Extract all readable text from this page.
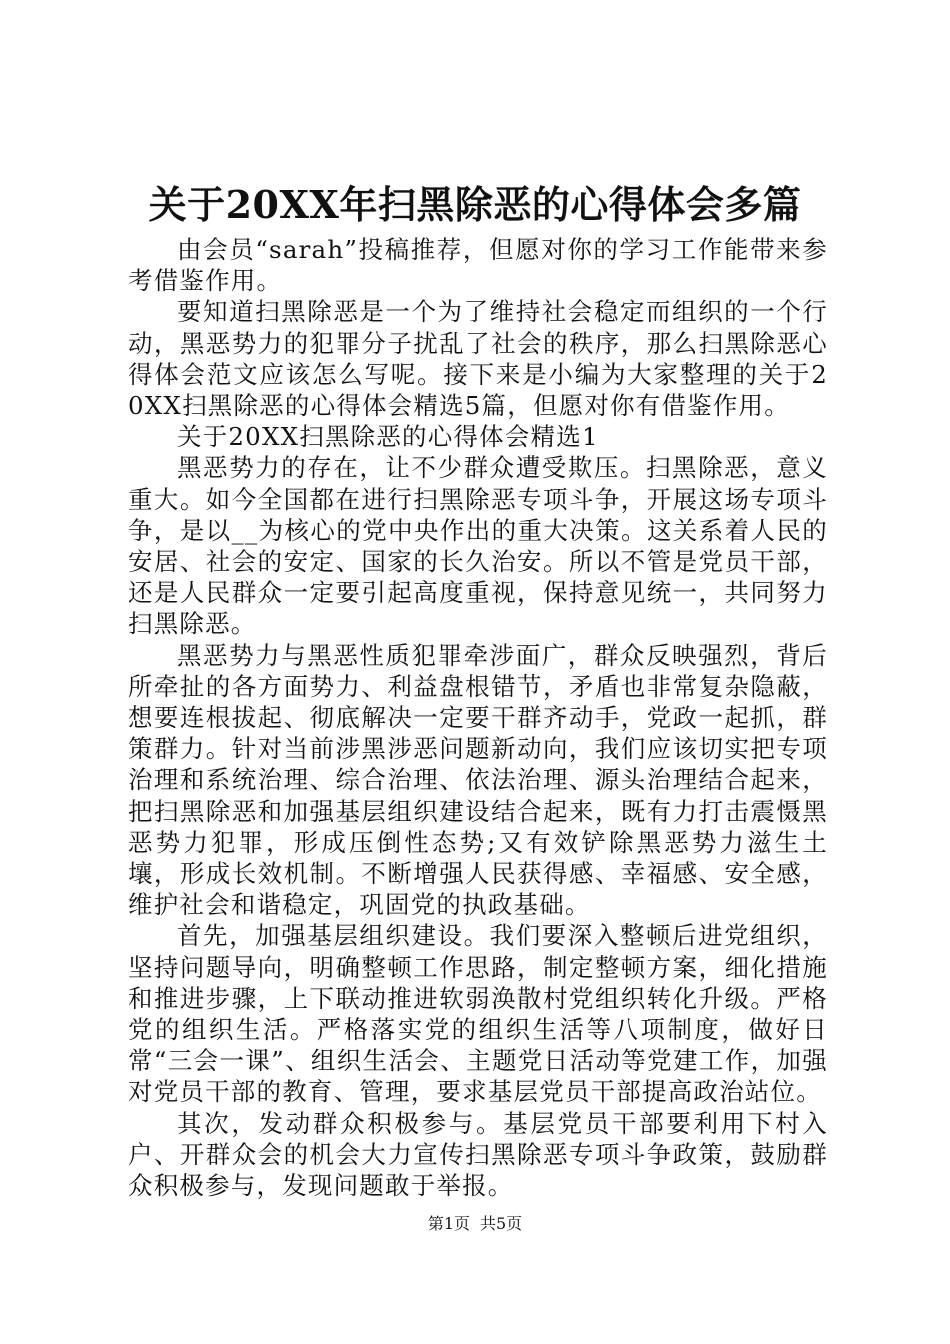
关于20XX年扫黑除恶的心得体会多篇

由会员“sarah”投稿推荐，但愿对你的学习工作能带来参考借鉴作用。

要知道扫黑除恶是一个为了维持社会稳定而组织的一个行动，黑恶势力的犯罪分子扰乱了社会的秩序，那么扫黑除恶心得体会范文应该怎么写呢。接下来是小编为大家整理的关于20XX扫黑除恶的心得体会精选5篇，但愿对你有借鉴作用。

关于20XX扫黑除恶的心得体会精选1

黑恶势力的存在，让不少群众遭受欺压。扫黑除恶，意义重大。如今全国都在进行扫黑除恶专项斗争，开展这场专项斗争，是以__为核心的党中央作出的重大决策。这关系着人民的安居、社会的安定、国家的长久治安。所以不管是党员干部，还是人民群众一定要引起高度重视，保持意见统一，共同努力扫黑除恶。

黑恶势力与黑恶性质犯罪牵涉面广，群众反映强烈，背后所牵扯的各方面势力、利益盘根错节，矛盾也非常复杂隐蔽，想要连根拔起、彻底解决一定要干群齐动手，党政一起抓，群策群力。针对当前涉黑涉恶问题新动向，我们应该切实把专项治理和系统治理、综合治理、依法治理、源头治理结合起来，把扫黑除恶和加强基层组织建设结合起来，既有力打击震慑黑恶势力犯罪，形成压倒性态势;又有效铲除黑恶势力滋生土壤，形成长效机制。不断增强人民获得感、幸福感、安全感，维护社会和谐稳定，巩固党的执政基础。

首先，加强基层组织建设。我们要深入整顿后进党组织，坚持问题导向，明确整顿工作思路，制定整顿方案，细化措施和推进步骤，上下联动推进软弱涣散村党组织转化升级。严格党的组织生活。严格落实党的组织生活等八项制度，做好日常“三会一课”、组织生活会、主题党日活动等党建工作，加强对党员干部的教育、管理，要求基层党员干部提高政治站位。

其次，发动群众积极参与。基层党员干部要利用下村入户、开群众会的机会大力宣传扫黑除恶专项斗争政策，鼓励群众积极参与，发现问题敢于举报。

第1页 共5页
